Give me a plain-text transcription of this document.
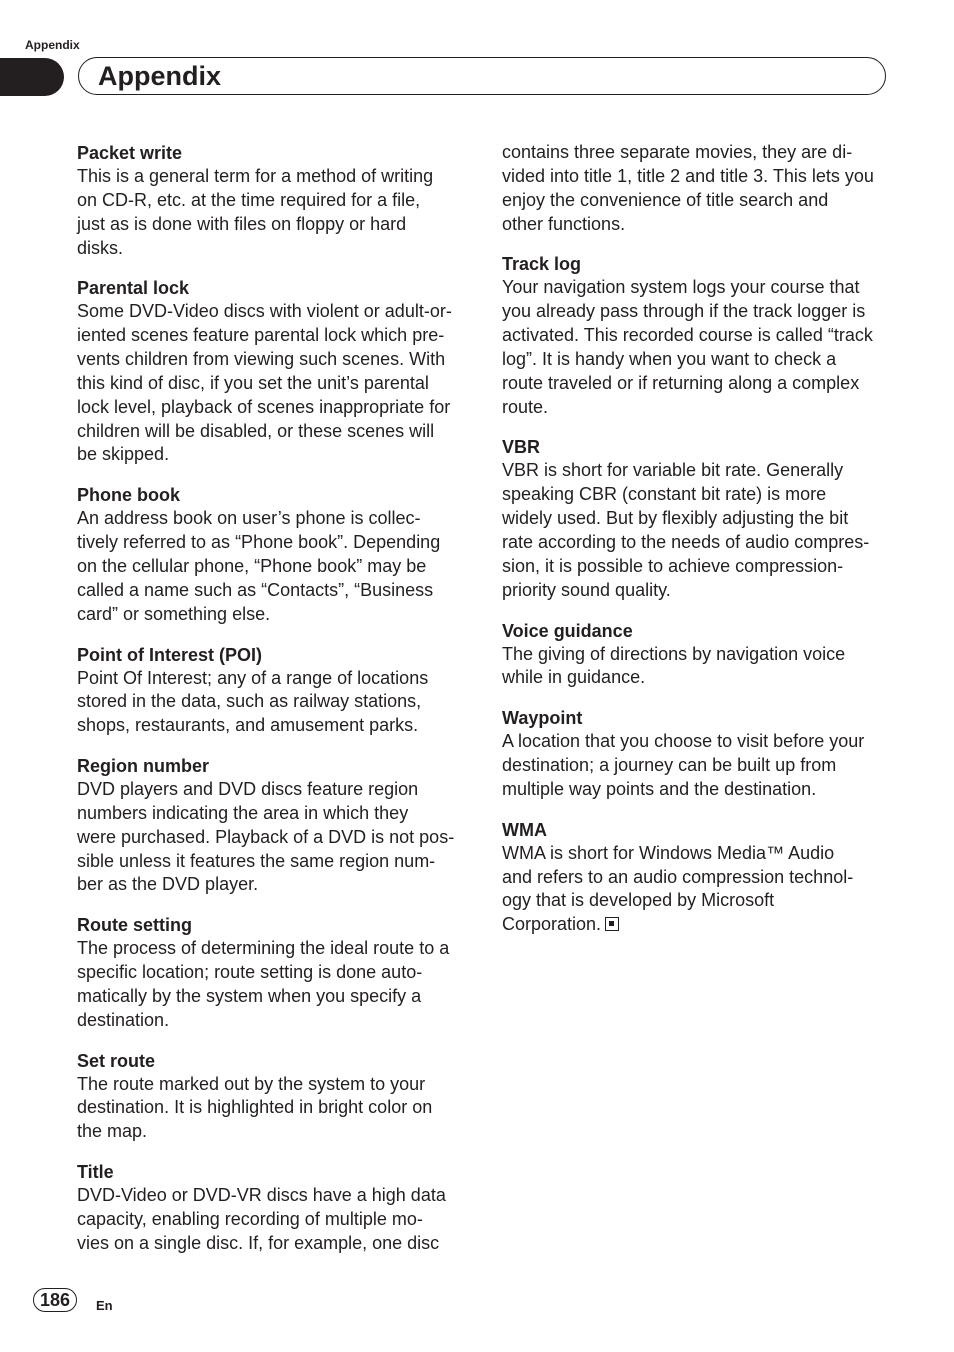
Appendix
Appendix
Packet write
This is a general term for a method of writing
on CD-R, etc. at the time required for a file,
just as is done with files on floppy or hard
disks.
Parental lock
Some DVD-Video discs with violent or adult-or-
iented scenes feature parental lock which pre-
vents children from viewing such scenes. With
this kind of disc, if you set the unit’s parental
lock level, playback of scenes inappropriate for
children will be disabled, or these scenes will
be skipped.
Phone book
An address book on user’s phone is collec-
tively referred to as “Phone book”. Depending
on the cellular phone, “Phone book” may be
called a name such as “Contacts”, “Business
card” or something else.
Point of Interest (POI)
Point Of Interest; any of a range of locations
stored in the data, such as railway stations,
shops, restaurants, and amusement parks.
Region number
DVD players and DVD discs feature region
numbers indicating the area in which they
were purchased. Playback of a DVD is not pos-
sible unless it features the same region num-
ber as the DVD player.
Route setting
The process of determining the ideal route to a
specific location; route setting is done auto-
matically by the system when you specify a
destination.
Set route
The route marked out by the system to your
destination. It is highlighted in bright color on
the map.
Title
DVD-Video or DVD-VR discs have a high data
capacity, enabling recording of multiple mo-
vies on a single disc. If, for example, one disc
contains three separate movies, they are di-
vided into title 1, title 2 and title 3. This lets you
enjoy the convenience of title search and
other functions.
Track log
Your navigation system logs your course that
you already pass through if the track logger is
activated. This recorded course is called “track
log”. It is handy when you want to check a
route traveled or if returning along a complex
route.
VBR
VBR is short for variable bit rate. Generally
speaking CBR (constant bit rate) is more
widely used. But by flexibly adjusting the bit
rate according to the needs of audio compres-
sion, it is possible to achieve compression-
priority sound quality.
Voice guidance
The giving of directions by navigation voice
while in guidance.
Waypoint
A location that you choose to visit before your
destination; a journey can be built up from
multiple way points and the destination.
WMA
WMA is short for Windows Media™ Audio
and refers to an audio compression technol-
ogy that is developed by Microsoft
Corporation.
186	En
